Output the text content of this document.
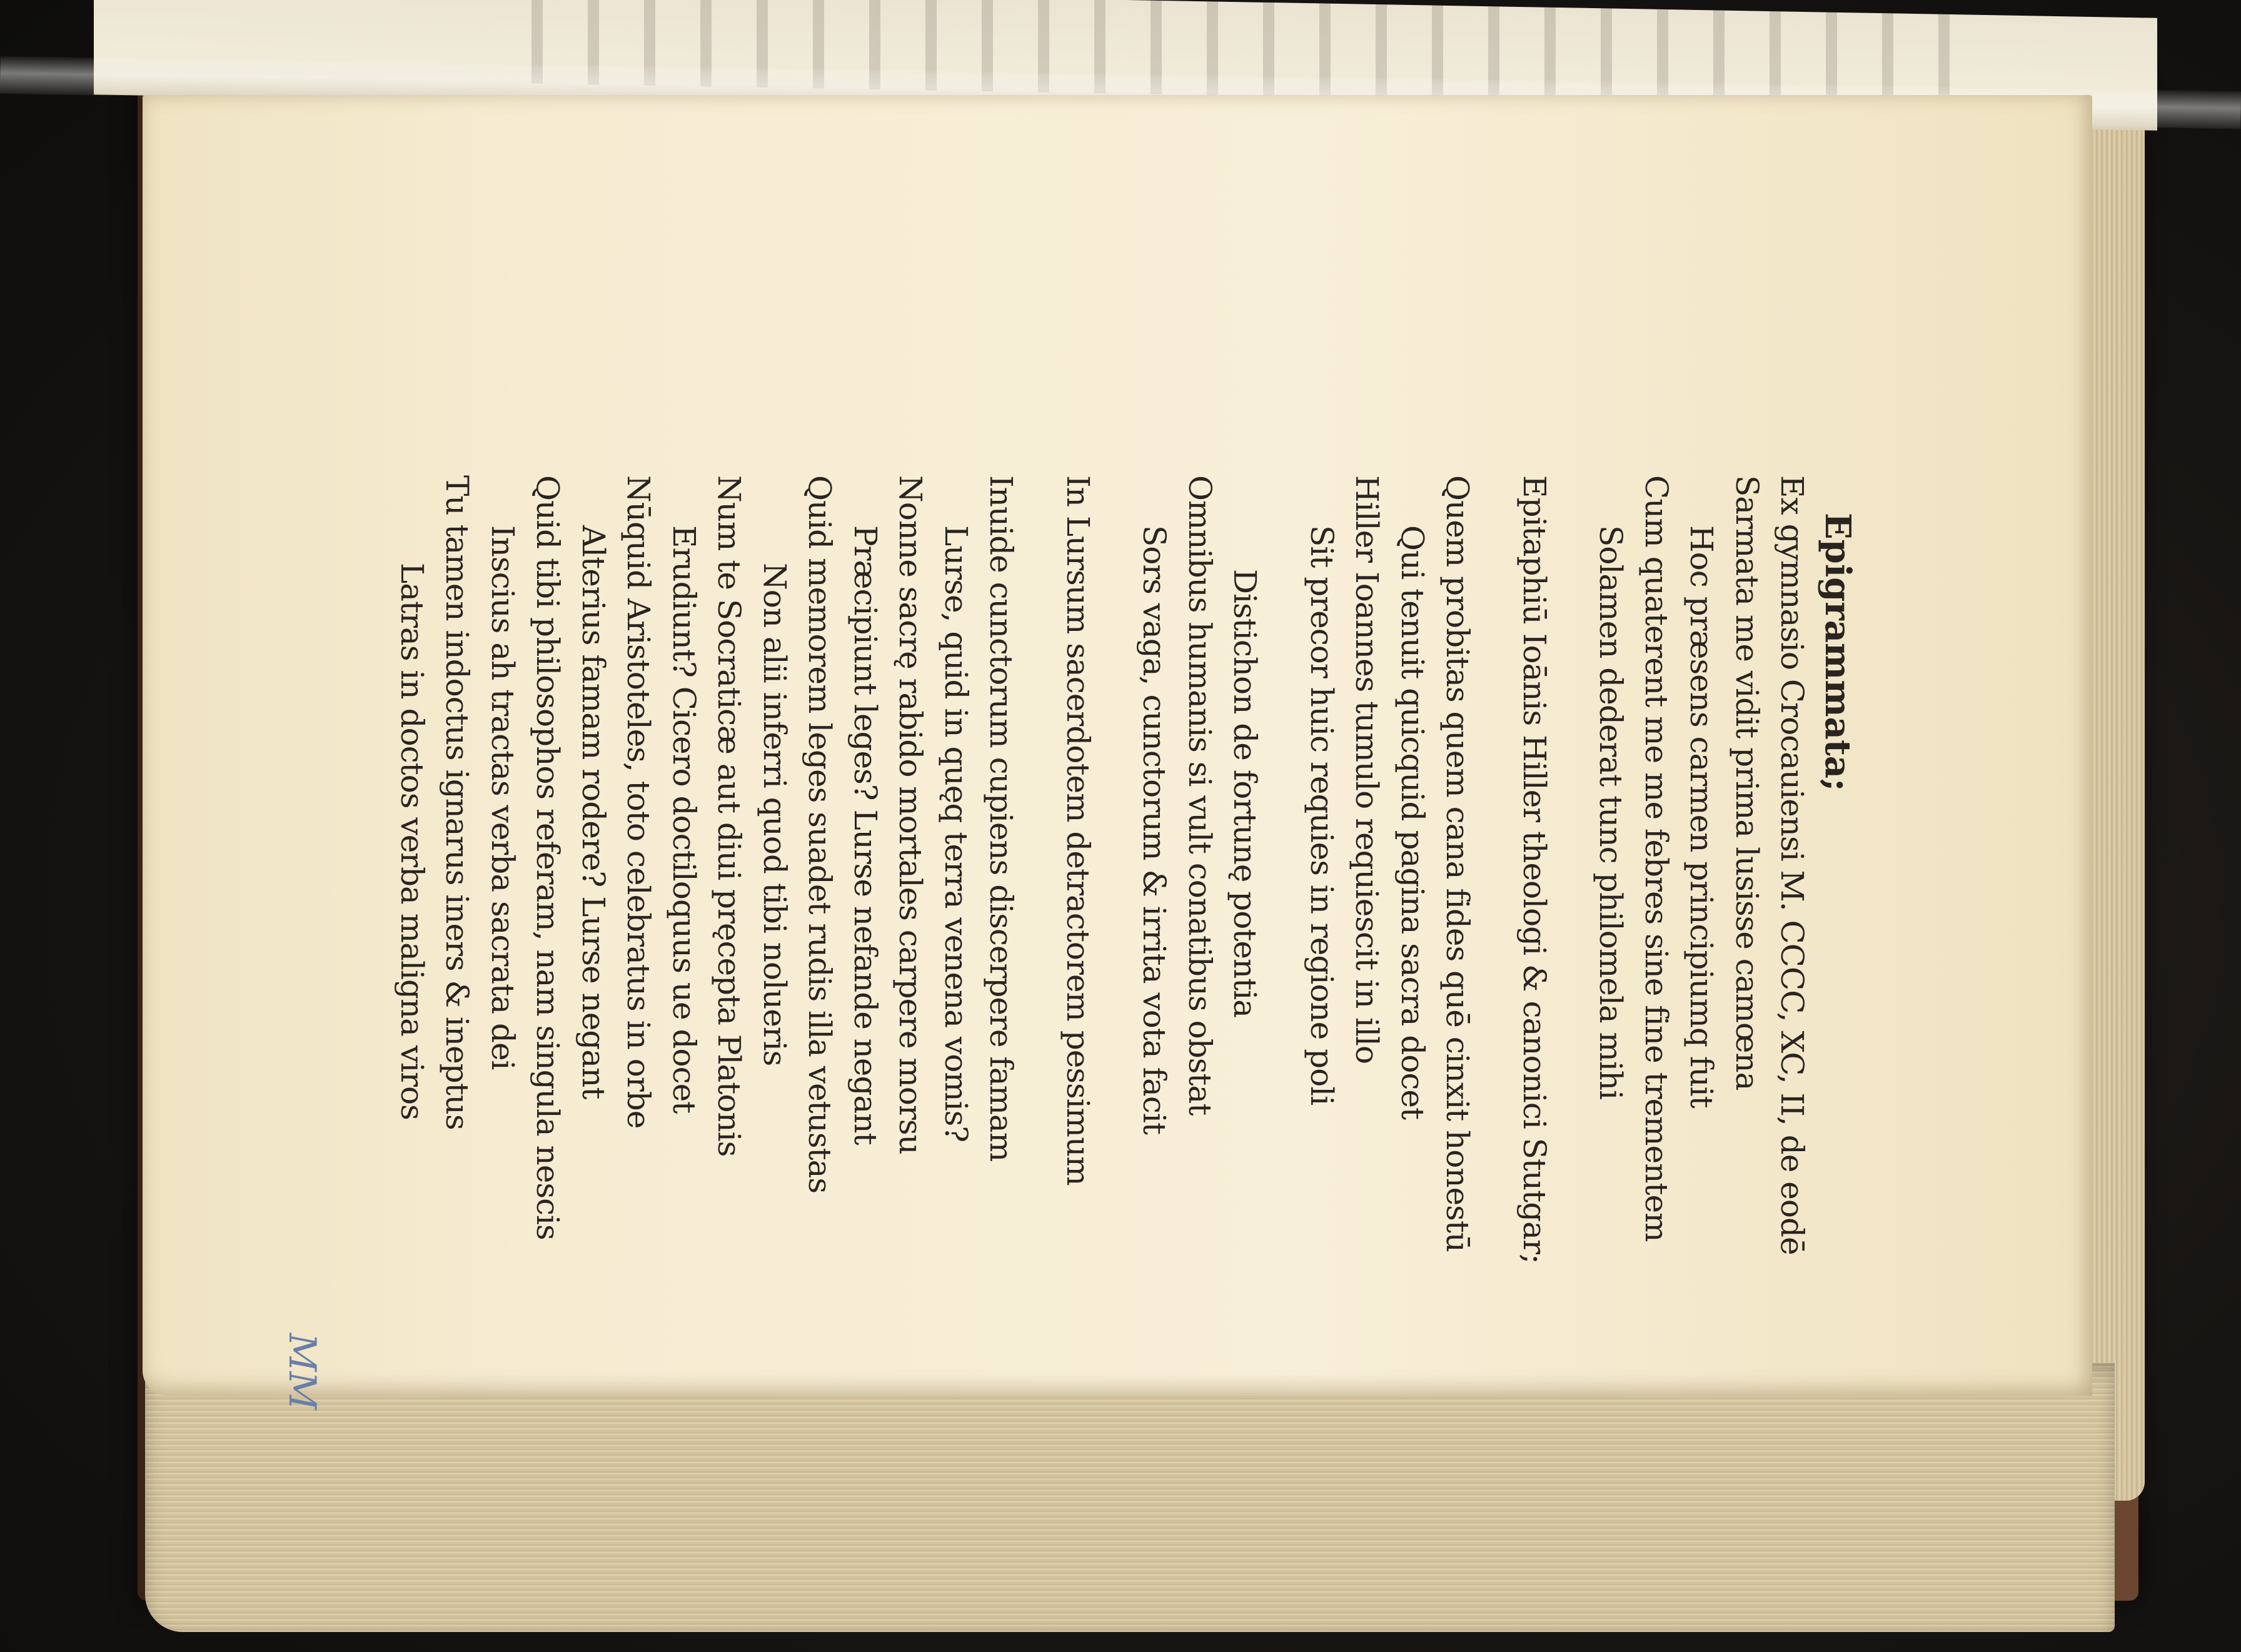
MM
Epigrammata;
Ex gymnasio Crocauiensi M. CCCC, XC, II, de eodē
Sarmata me vidit prima lusisse camœna
Hoc præsens carmen principiumq fuit
Cum quaterent me me febres sine fine trementem
Solamen dederat tunc philomela mihi
Epitaphiū Ioānis Hiller theologi & canonici Stutgar;
Quem probitas quem cana fides quē cinxit honestū
Qui tenuit quicquid pagina sacra docet
Hiller Ioannes tumulo requiescit in illo
Sit precor huic requies in regione poli
Distichon de fortunę potentia
Omnibus humanis si vult conatibus obstat
Sors vaga, cunctorum & irrita vota facit
In Lursum sacerdotem detractorem pessimum
Inuide cunctorum cupiens discerpere famam
Lurse, quid in quęq terra venena vomis?
Nonne sacrę rabido mortales carpere morsu
Præcipiunt leges? Lurse nefande negant
Quid memorem leges suadet rudis illa vetustas
Non alii inferri quod tibi nolueris
Num te Socraticæ aut diui pręcepta Platonis
Erudiunt? Cicero doctiloquus ue docet
Nūquid Aristoteles, toto celebratus in orbe
Alterius famam rodere? Lurse negant
Quid tibi philosophos referam, nam singula nescis
Inscius ah tractas verba sacrata dei
Tu tamen indoctus ignarus iners & ineptus
Latras in doctos verba maligna viros
